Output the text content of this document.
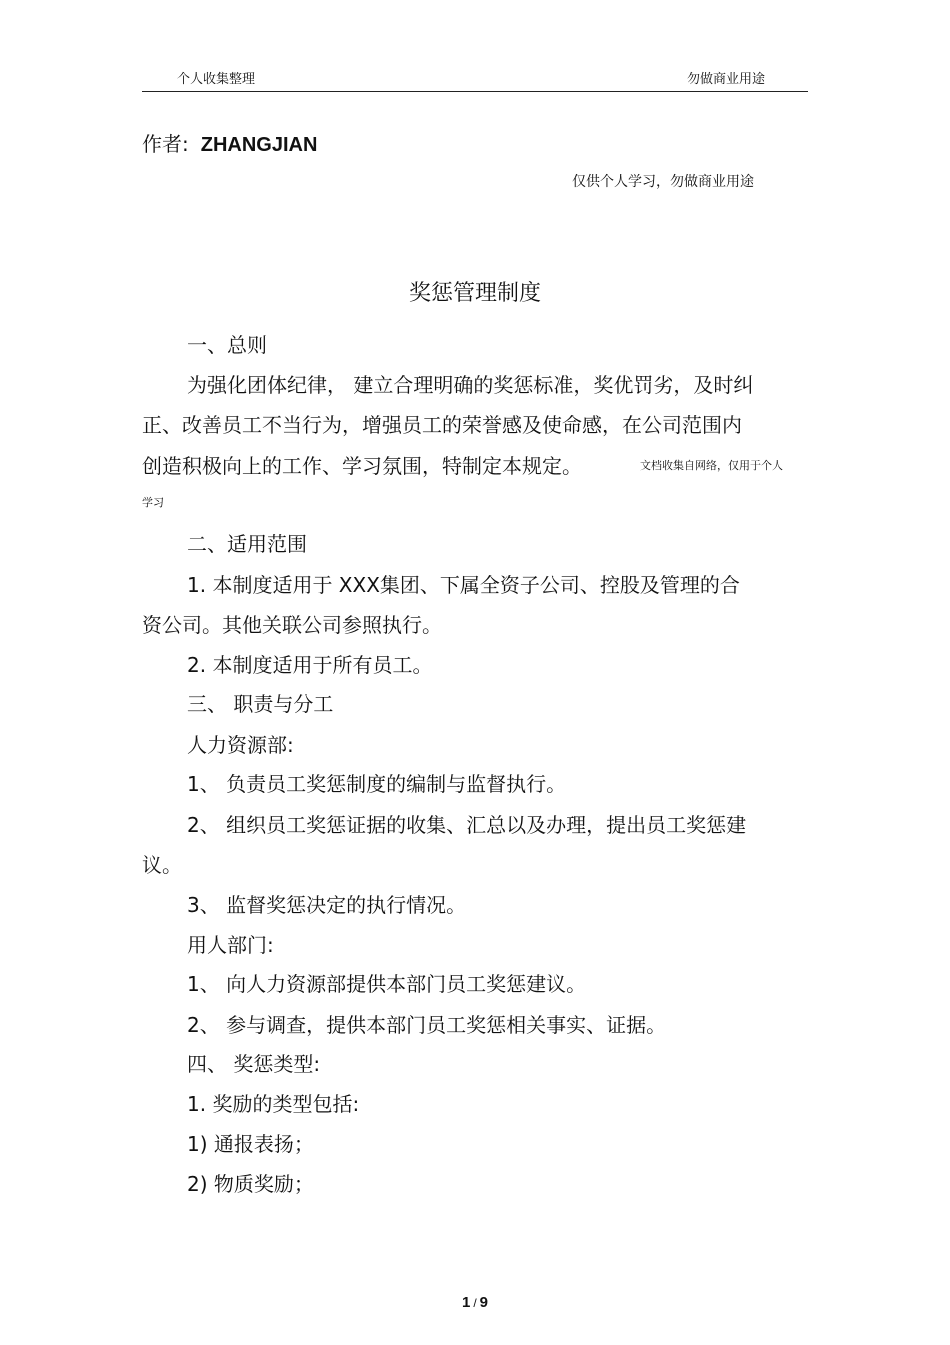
个人收集整理	勿做商业用途
作者: ZHANGJIAN
仅供个人学习，勿做商业用途
奖惩管理制度
一、总则
为强化团体纪律， 建立合理明确的奖惩标准，奖优罚劣，及时纠
正、改善员工不当行为，增强员工的荣誉感及使命感，在公司范围内
创造积极向上的工作、学习氛围，特制定本规定。	文档收集自网络，仅用于个人
学习
二、适用范围
1. 本制度适用于 XXX集团、下属全资子公司、控股及管理的合
资公司。其他关联公司参照执行。
2. 本制度适用于所有员工。
三、 职责与分工
人力资源部:
1、 负责员工奖惩制度的编制与监督执行。
2、 组织员工奖惩证据的收集、汇总以及办理，提出员工奖惩建
议。
3、 监督奖惩决定的执行情况。
用人部门:
1、 向人力资源部提供本部门员工奖惩建议。
2、 参与调查，提供本部门员工奖惩相关事实、证据。
四、 奖惩类型:
1. 奖励的类型包括:
1) 通报表扬；
2) 物质奖励；
1 / 9
